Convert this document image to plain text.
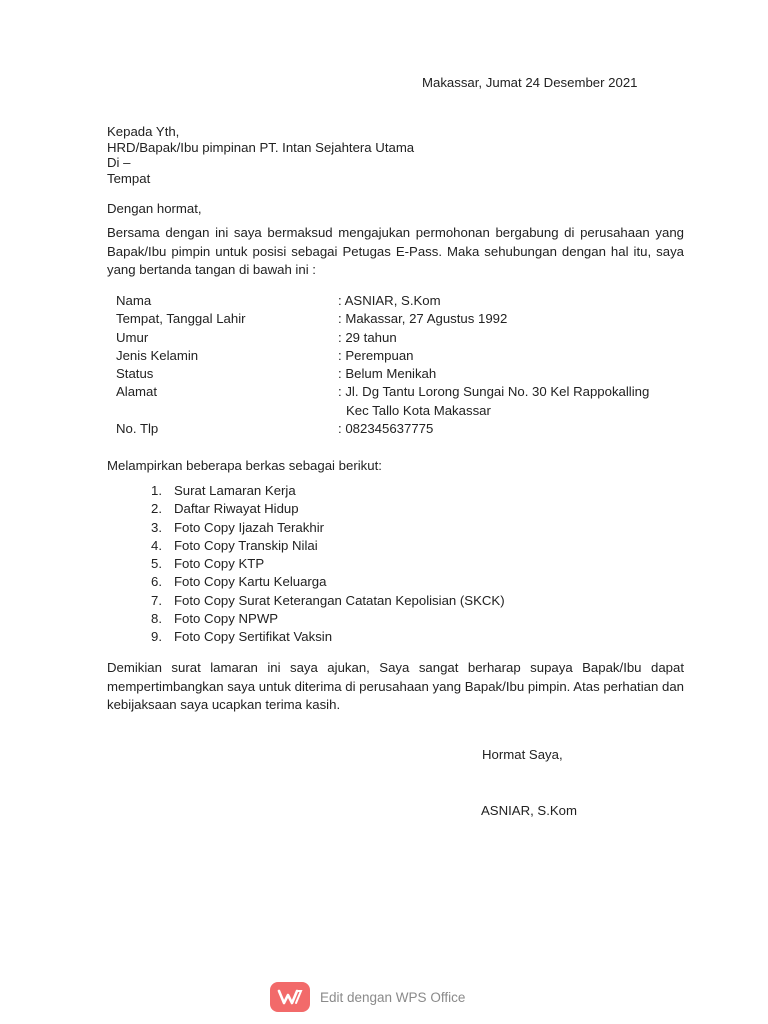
Makassar, Jumat 24 Desember 2021
Kepada Yth,
HRD/Bapak/Ibu pimpinan PT. Intan Sejahtera Utama
Di –
Tempat
Dengan hormat,
Bersama dengan ini saya bermaksud mengajukan permohonan bergabung di perusahaan yang Bapak/Ibu pimpin untuk posisi sebagai Petugas E-Pass. Maka sehubungan dengan hal itu, saya yang bertanda tangan di bawah ini :
Nama	: ASNIAR, S.Kom
Tempat, Tanggal Lahir	: Makassar, 27 Agustus 1992
Umur	: 29 tahun
Jenis Kelamin	: Perempuan
Status	: Belum Menikah
Alamat	: Jl. Dg Tantu Lorong Sungai No. 30 Kel Rappokalling
Kec Tallo Kota Makassar
No. Tlp	: 082345637775
Melampirkan beberapa berkas sebagai berikut:
1. Surat Lamaran Kerja
2. Daftar Riwayat Hidup
3. Foto Copy Ijazah Terakhir
4. Foto Copy Transkip Nilai
5. Foto Copy KTP
6. Foto Copy Kartu Keluarga
7. Foto Copy Surat Keterangan Catatan Kepolisian (SKCK)
8. Foto Copy NPWP
9. Foto Copy Sertifikat Vaksin
Demikian surat lamaran ini saya ajukan, Saya sangat berharap supaya Bapak/Ibu dapat mempertimbangkan saya untuk diterima di perusahaan yang Bapak/Ibu pimpin. Atas perhatian dan kebijaksaan saya ucapkan terima kasih.
Hormat Saya,
ASNIAR, S.Kom
Edit dengan WPS Office
